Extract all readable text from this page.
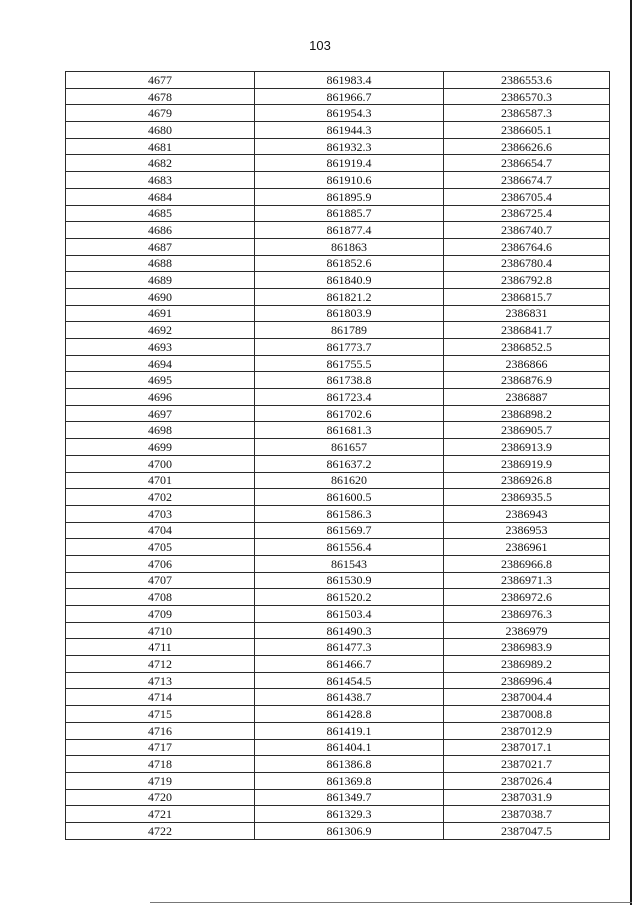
103
4677	861983.4	2386553.6
4678	861966.7	2386570.3
4679	861954.3	2386587.3
4680	861944.3	2386605.1
4681	861932.3	2386626.6
4682	861919.4	2386654.7
4683	861910.6	2386674.7
4684	861895.9	2386705.4
4685	861885.7	2386725.4
4686	861877.4	2386740.7
4687	861863	2386764.6
4688	861852.6	2386780.4
4689	861840.9	2386792.8
4690	861821.2	2386815.7
4691	861803.9	2386831
4692	861789	2386841.7
4693	861773.7	2386852.5
4694	861755.5	2386866
4695	861738.8	2386876.9
4696	861723.4	2386887
4697	861702.6	2386898.2
4698	861681.3	2386905.7
4699	861657	2386913.9
4700	861637.2	2386919.9
4701	861620	2386926.8
4702	861600.5	2386935.5
4703	861586.3	2386943
4704	861569.7	2386953
4705	861556.4	2386961
4706	861543	2386966.8
4707	861530.9	2386971.3
4708	861520.2	2386972.6
4709	861503.4	2386976.3
4710	861490.3	2386979
4711	861477.3	2386983.9
4712	861466.7	2386989.2
4713	861454.5	2386996.4
4714	861438.7	2387004.4
4715	861428.8	2387008.8
4716	861419.1	2387012.9
4717	861404.1	2387017.1
4718	861386.8	2387021.7
4719	861369.8	2387026.4
4720	861349.7	2387031.9
4721	861329.3	2387038.7
4722	861306.9	2387047.5
